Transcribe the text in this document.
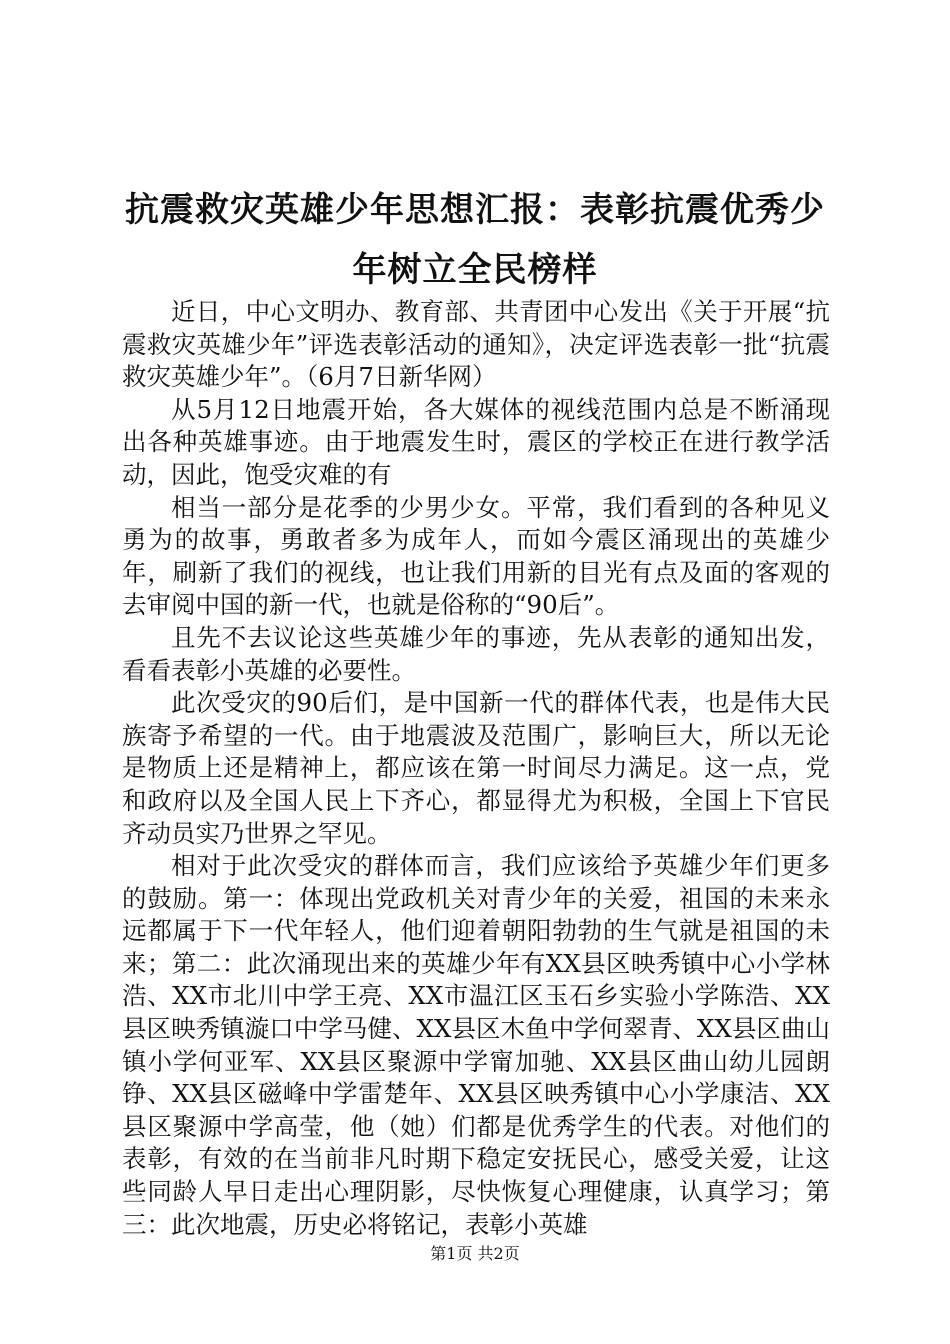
抗震救灾英雄少年思想汇报：表彰抗震优秀少年树立全民榜样

近日，中心文明办、教育部、共青团中心发出《关于开展“抗震救灾英雄少年”评选表彰活动的通知》，决定评选表彰一批“抗震救灾英雄少年”。（6月7日新华网）

从5月12日地震开始，各大媒体的视线范围内总是不断涌现出各种英雄事迹。由于地震发生时，震区的学校正在进行教学活动，因此，饱受灾难的有

相当一部分是花季的少男少女。平常，我们看到的各种见义勇为的故事，勇敢者多为成年人，而如今震区涌现出的英雄少年，刷新了我们的视线，也让我们用新的目光有点及面的客观的去审阅中国的新一代，也就是俗称的“90后”。

且先不去议论这些英雄少年的事迹，先从表彰的通知出发，看看表彰小英雄的必要性。

此次受灾的90后们，是中国新一代的群体代表，也是伟大民族寄予希望的一代。由于地震波及范围广，影响巨大，所以无论是物质上还是精神上，都应该在第一时间尽力满足。这一点，党和政府以及全国人民上下齐心，都显得尤为积极，全国上下官民齐动员实乃世界之罕见。

相对于此次受灾的群体而言，我们应该给予英雄少年们更多的鼓励。第一：体现出党政机关对青少年的关爱，祖国的未来永远都属于下一代年轻人，他们迎着朝阳勃勃的生气就是祖国的未来；第二：此次涌现出来的英雄少年有XX县区映秀镇中心小学林浩、XX市北川中学王亮、XX市温江区玉石乡实验小学陈浩、XX县区映秀镇漩口中学马健、XX县区木鱼中学何翠青、XX县区曲山镇小学何亚军、XX县区聚源中学甯加驰、XX县区曲山幼儿园朗铮、XX县区磁峰中学雷楚年、XX县区映秀镇中心小学康洁、XX县区聚源中学高莹，他（她）们都是优秀学生的代表。对他们的表彰，有效的在当前非凡时期下稳定安抚民心，感受关爱，让这些同龄人早日走出心理阴影，尽快恢复心理健康，认真学习；第三：此次地震，历史必将铭记，表彰小英雄

第1页 共2页
